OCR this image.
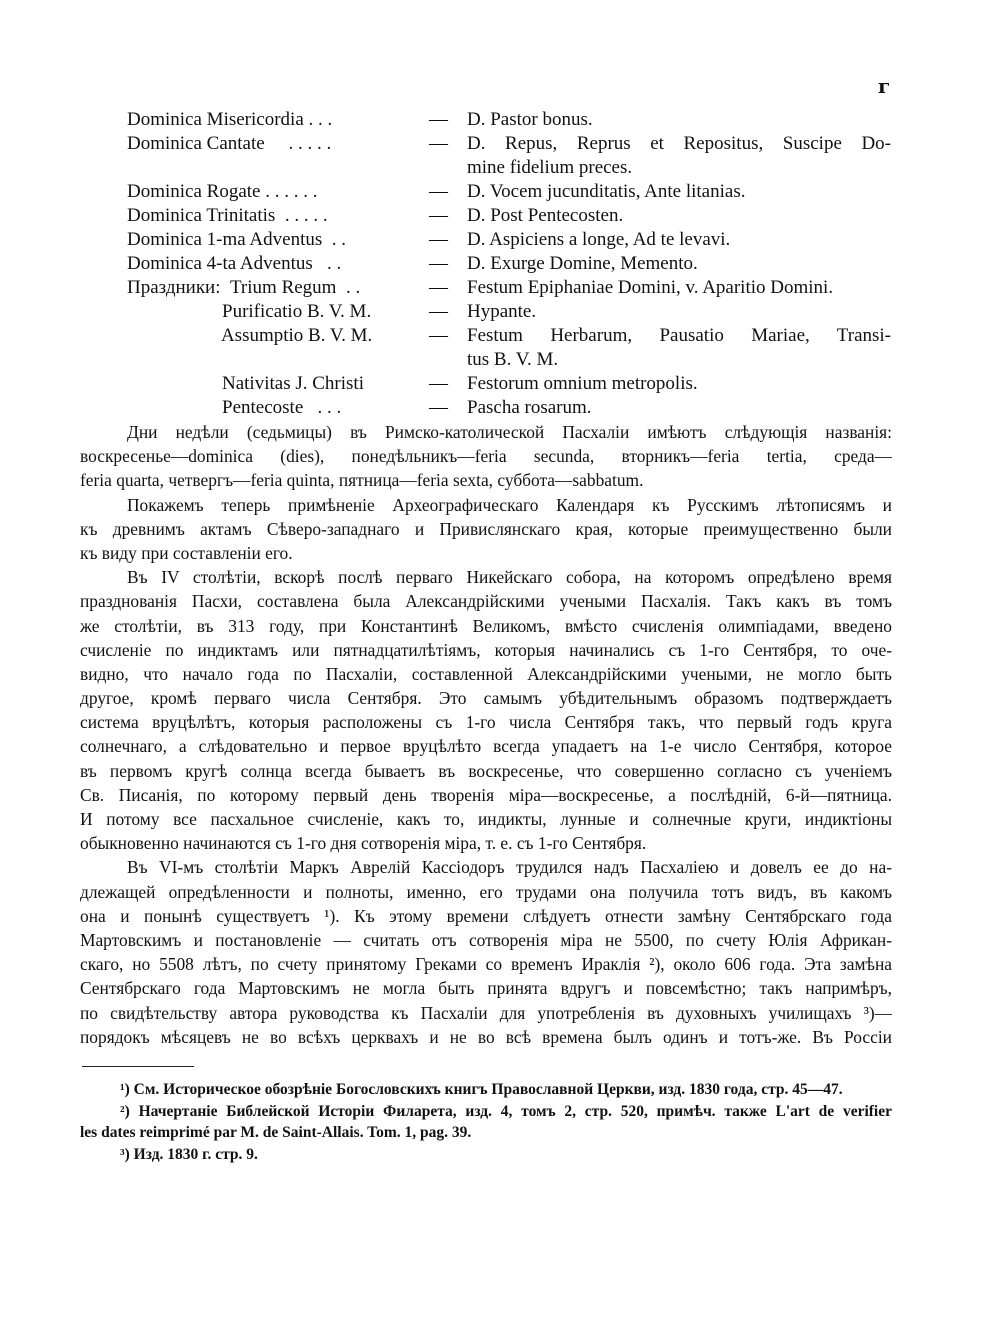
г
Dominica Misericordia . . .	— D. Pastor bonus.
Dominica Cantate     . . . . .	— D. Repus, Reprus et Repositus, Suscipe Do-
mine fidelium preces.
Dominica Rogate . . . . . .	— D. Vocem jucunditatis, Ante litanias.
Dominica Trinitatis  . . . . .	— D. Post Pentecosten.
Dominica 1-ma Adventus  . .	— D. Aspiciens a longe, Ad te levavi.
Dominica 4-ta Adventus   . .	— D. Exurge Domine, Memento.
Праздники:  Trium Regum  . .	— Festum Epiphaniae Domini, v. Aparitio Domini.
Purificatio B. V. M.	— Hypante.
Assumptio B. V. M.	— Festum Herbarum, Pausatio Mariae, Transi-
tus B. V. M.
Nativitas J. Christi	— Festorum omnium metropolis.
Pentecoste   . . .	— Pascha rosarum.
Дни недѣли (седьмицы) въ Римско-католической Пасхаліи имѣютъ слѣдующія названія:
воскресенье—dominica (dies), понедѣльникъ—feria secunda, вторникъ—feria tertia, среда—
feria quarta, четвергъ—feria quinta, пятница—feria sexta, суббота—sabbatum.
Покажемъ теперь примѣненіе Археографическаго Календаря къ Русскимъ лѣтописямъ и
къ древнимъ актамъ Сѣверо-западнаго и Привислянскаго края, которые преимущественно были
къ виду при составленіи его.
Въ IV столѣтіи, вскорѣ послѣ перваго Никейскаго собора, на которомъ опредѣлено время
празднованія Пасхи, составлена была Александрійскими учеными Пасхалія. Такъ какъ въ томъ
же столѣтіи, въ 313 году, при Константинѣ Великомъ, вмѣсто счисленія олимпіадами, введено
счисленіе по индиктамъ или пятнадцатилѣтіямъ, которыя начинались съ 1-го Сентября, то оче-
видно, что начало года по Пасхаліи, составленной Александрійскими учеными, не могло быть
другое, кромѣ перваго числа Сентября. Это самымъ убѣдительнымъ образомъ подтверждаетъ
система вруцѣлѣтъ, которыя расположены съ 1-го числа Сентября такъ, что первый годъ круга
солнечнаго, а слѣдовательно и первое вруцѣлѣто всегда упадаетъ на 1-е число Сентября, которое
въ первомъ кругѣ солнца всегда бываетъ въ воскресенье, что совершенно согласно съ ученіемъ
Св. Писанія, по которому первый день творенія міра—воскресенье, а послѣдній, 6-й—пятница.
И потому все пасхальное счисленіе, какъ то, индикты, лунные и солнечные круги, индиктіоны
обыкновенно начинаются съ 1-го дня сотворенія міра, т. е. съ 1-го Сентября.
Въ VI-мъ столѣтіи Маркъ Аврелій Кассіодоръ трудился надъ Пасхаліею и довелъ ее до на-
длежащей опредѣленности и полноты, именно, его трудами она получила тотъ видъ, въ какомъ
она и понынѣ существуетъ ¹). Къ этому времени слѣдуетъ отнести замѣну Сентябрскаго года
Мартовскимъ и постановленіе — считать отъ сотворенія міра не 5500, по счету Юлія Африкан-
скаго, но 5508 лѣтъ, по счету принятому Греками со временъ Ираклія ²), около 606 года. Эта замѣна
Сентябрскаго года Мартовскимъ не могла быть принята вдругъ и повсемѣстно; такъ напримѣръ,
по свидѣтельству автора руководства къ Пасхаліи для употребленія въ духовныхъ училищахъ ³)—
порядокъ мѣсяцевъ не во всѣхъ церквахъ и не во всѣ времена былъ одинъ и тотъ-же. Въ Россіи
¹) См. Историческое обозрѣніе Богословскихъ книгъ Православной Церкви, изд. 1830 года, стр. 45—47.
²) Начертаніе Библейской Исторіи Филарета, изд. 4, томъ 2, стр. 520, примѣч. также L'art de verifier
les dates reimprimé par M. de Saint-Allais. Tom. 1, pag. 39.
³) Изд. 1830 г. стр. 9.
